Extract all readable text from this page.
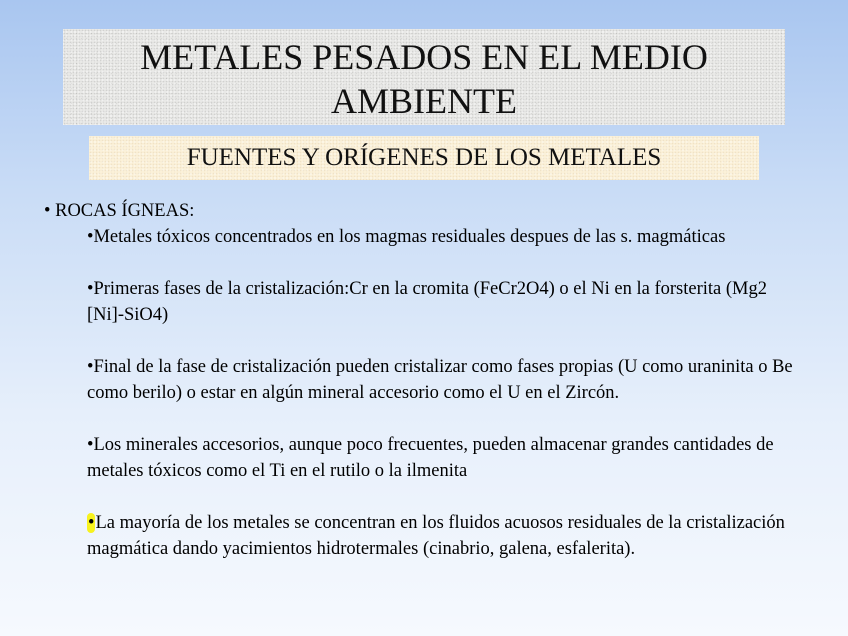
METALES PESADOS EN EL MEDIO AMBIENTE
FUENTES Y ORÍGENES DE LOS METALES

• ROCAS ÍGNEAS:

•Metales tóxicos concentrados en los magmas residuales despues de las s. magmáticas
•Primeras fases de la cristalización:Cr en la cromita (FeCr2O4) o el Ni en la forsterita (Mg2 [Ni]-SiO4)
•Final de la fase de cristalización pueden cristalizar como fases propias (U como uraninita o Be como berilo) o estar en algún mineral accesorio como el U en el Zircón.
•Los minerales accesorios, aunque poco frecuentes, pueden almacenar grandes cantidades de metales tóxicos como el Ti en el rutilo o la ilmenita
•La mayoría de los metales se concentran en los fluidos acuosos residuales de la cristalización magmática dando yacimientos hidrotermales (cinabrio, galena, esfalerita).
